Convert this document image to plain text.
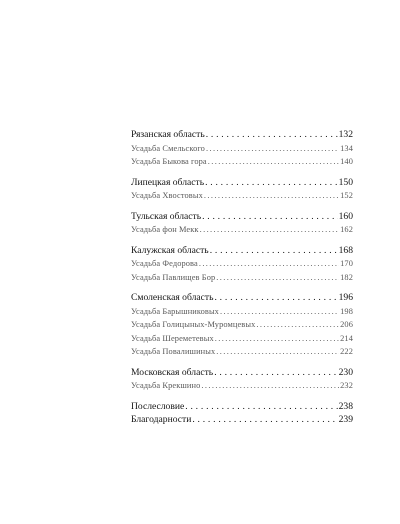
Рязанская область . . .	132
Усадьба Смельского . . .	134
Усадьба Быкова гора . . .	140
Липецкая область . . .	150
Усадьба Хвостовых . . .	152
Тульская область . . .	160
Усадьба фон Мекк . . .	162
Калужская область . . .	168
Усадьба Федорова . . .	170
Усадьба Павлищев Бор . . .	182
Смоленская область . . .	196
Усадьба Барышниковых . . .	198
Усадьба Голицыных-Муромцевых . . .	206
Усадьба Шереметевых . . .	214
Усадьба Повалишиных . . .	222
Московская область . . .	230
Усадьба Крекшино . . .	232
Послесловие . . .	238
Благодарности . . .	239
